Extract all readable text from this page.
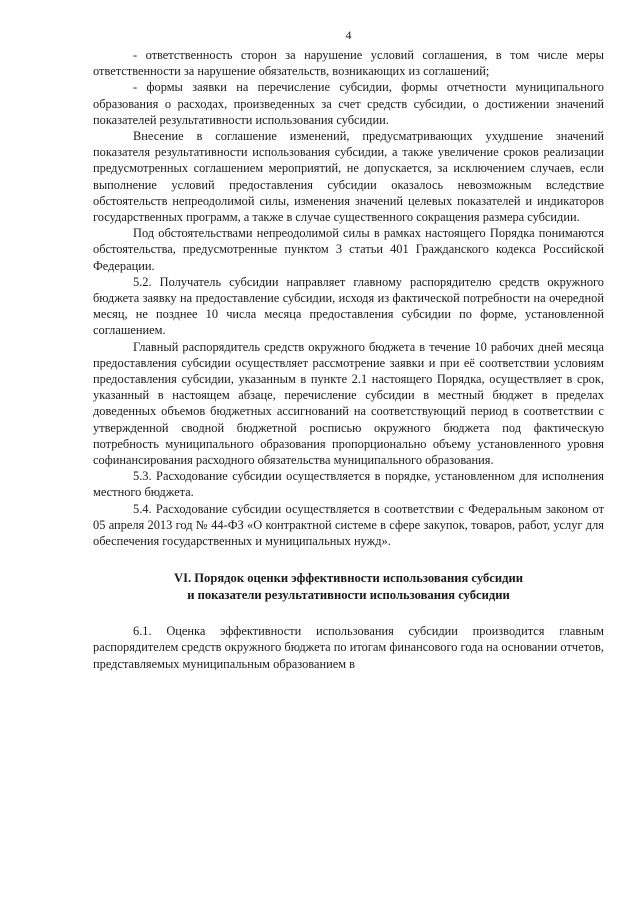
4

- ответственность сторон за нарушение условий соглашения, в том числе меры ответственности за нарушение обязательств, возникающих из соглашений;

- формы заявки на перечисление субсидии, формы отчетности муниципального образования о расходах, произведенных за счет средств субсидии, о достижении значений показателей результативности использования субсидии.

Внесение в соглашение изменений, предусматривающих ухудшение значений показателя результативности использования субсидии, а также увеличение сроков реализации предусмотренных соглашением мероприятий, не допускается, за исключением случаев, если выполнение условий предоставления субсидии оказалось невозможным вследствие обстоятельств непреодолимой силы, изменения значений целевых показателей и индикаторов государственных программ, а также в случае существенного сокращения размера субсидии.

Под обстоятельствами непреодолимой силы в рамках настоящего Порядка понимаются обстоятельства, предусмотренные пунктом 3 статьи 401 Гражданского кодекса Российской Федерации.

5.2. Получатель субсидии направляет главному распорядителю средств окружного бюджета заявку на предоставление субсидии, исходя из фактической потребности на очередной месяц, не позднее 10 числа месяца предоставления субсидии по форме, установленной соглашением.

Главный распорядитель средств окружного бюджета в течение 10 рабочих дней месяца предоставления субсидии осуществляет рассмотрение заявки и при её соответствии условиям предоставления субсидии, указанным в пункте 2.1 настоящего Порядка, осуществляет в срок, указанный в настоящем абзаце, перечисление субсидии в местный бюджет в пределах доведенных объемов бюджетных ассигнований на соответствующий период в соответствии с утвержденной сводной бюджетной росписью окружного бюджета под фактическую потребность муниципального образования пропорционально объему установленного уровня софинансирования расходного обязательства муниципального образования.

5.3. Расходование субсидии осуществляется в порядке, установленном для исполнения местного бюджета.

5.4. Расходование субсидии осуществляется в соответствии с Федеральным законом от 05 апреля 2013 год № 44-ФЗ «О контрактной системе в сфере закупок, товаров, работ, услуг для обеспечения государственных и муниципальных нужд».

VI. Порядок оценки эффективности использования субсидии
и показатели результативности использования субсидии

6.1. Оценка эффективности использования субсидии производится главным распорядителем средств окружного бюджета по итогам финансового года на основании отчетов, представляемых муниципальным образованием в
